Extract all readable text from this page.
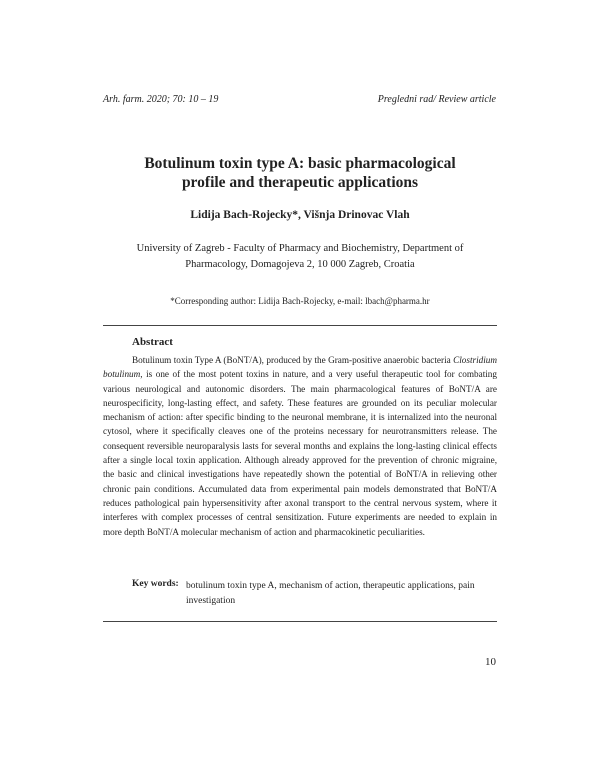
Arh. farm. 2020; 70: 10 – 19	Pregledni rad/ Review article
Botulinum toxin type A: basic pharmacological
profile and therapeutic applications
Lidija Bach-Rojecky*, Višnja Drinovac Vlah
University of Zagreb - Faculty of Pharmacy and Biochemistry, Department of
Pharmacology, Domagojeva 2, 10 000 Zagreb, Croatia
*Corresponding author: Lidija Bach-Rojecky, e-mail: lbach@pharma.hr
Abstract

Botulinum toxin Type A (BoNT/A), produced by the Gram-positive anaerobic bacteria Clostridium botulinum, is one of the most potent toxins in nature, and a very useful therapeutic tool for combating various neurological and autonomic disorders. The main pharmacological features of BoNT/A are neurospecificity, long-lasting effect, and safety. These features are grounded on its peculiar molecular mechanism of action: after specific binding to the neuronal membrane, it is internalized into the neuronal cytosol, where it specifically cleaves one of the proteins necessary for neurotransmitters release. The consequent reversible neuroparalysis lasts for several months and explains the long-lasting clinical effects after a single local toxin application. Although already approved for the prevention of chronic migraine, the basic and clinical investigations have repeatedly shown the potential of BoNT/A in relieving other chronic pain conditions. Accumulated data from experimental pain models demonstrated that BoNT/A reduces pathological pain hypersensitivity after axonal transport to the central nervous system, where it interferes with complex processes of central sensitization. Future experiments are needed to explain in more depth BoNT/A molecular mechanism of action and pharmacokinetic peculiarities.

Key words: botulinum toxin type A, mechanism of action, therapeutic applications, pain investigation
10
